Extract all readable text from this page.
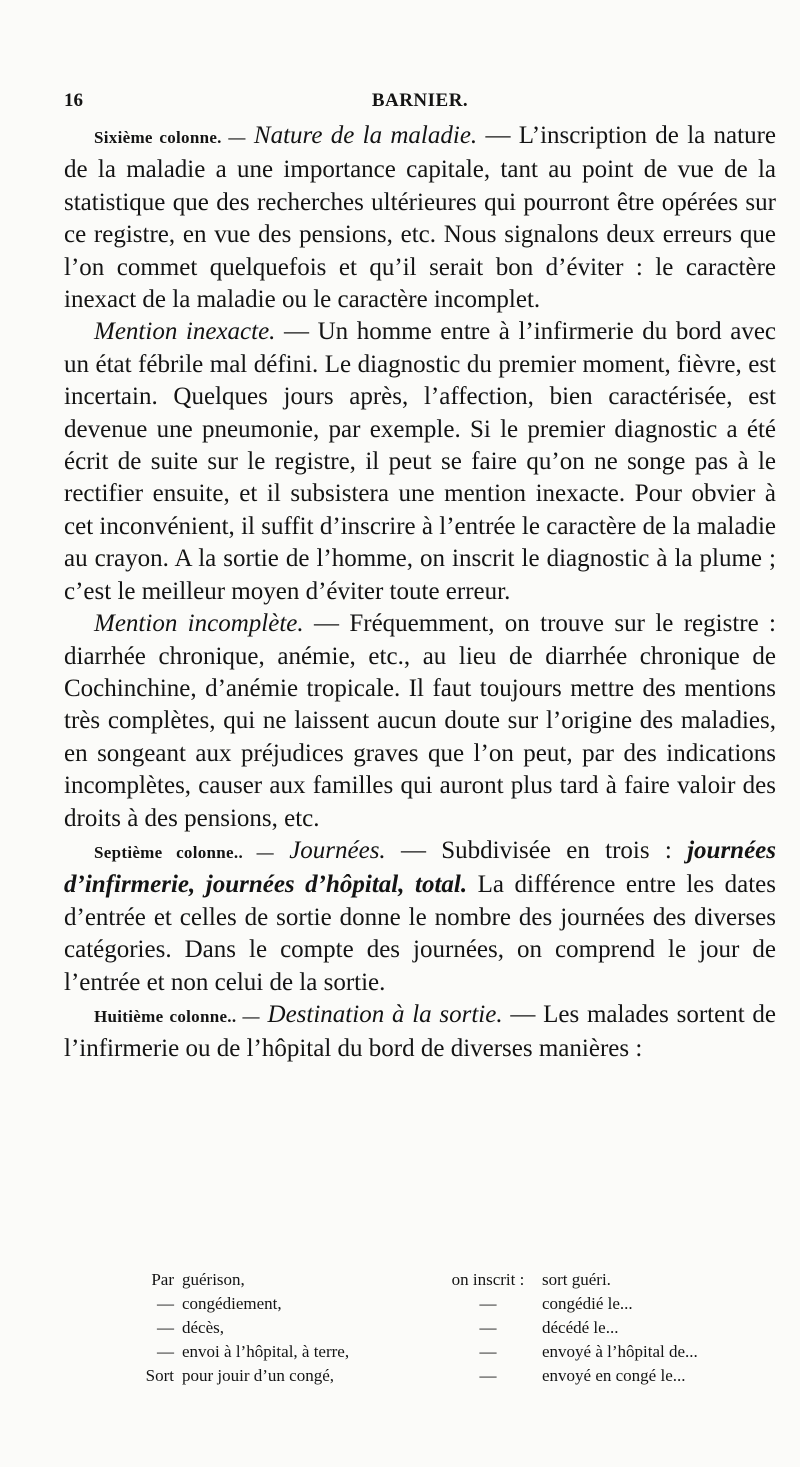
16	BARNIER.

Sixième colonne. — Nature de la maladie. — L’inscription de la nature de la maladie a une importance capitale, tant au point de vue de la statistique que des recherches ultérieures qui pourront être opérées sur ce registre, en vue des pensions, etc. Nous signalons deux erreurs que l’on commet quelquefois et qu’il serait bon d’éviter : le caractère inexact de la maladie ou le caractère incomplet.

Mention inexacte. — Un homme entre à l’infirmerie du bord avec un état fébrile mal défini. Le diagnostic du premier moment, fièvre, est incertain. Quelques jours après, l’affection, bien caractérisée, est devenue une pneumonie, par exemple. Si le premier diagnostic a été écrit de suite sur le registre, il peut se faire qu’on ne songe pas à le rectifier ensuite, et il subsistera une mention inexacte. Pour obvier à cet inconvénient, il suffit d’inscrire à l’entrée le caractère de la maladie au crayon. A la sortie de l’homme, on inscrit le diagnostic à la plume ; c’est le meilleur moyen d’éviter toute erreur.

Mention incomplète. — Fréquemment, on trouve sur le registre : diarrhée chronique, anémie, etc., au lieu de diarrhée chronique de Cochinchine, d’anémie tropicale. Il faut toujours mettre des mentions très complètes, qui ne laissent aucun doute sur l’origine des maladies, en songeant aux préjudices graves que l’on peut, par des indications incomplètes, causer aux familles qui auront plus tard à faire valoir des droits à des pensions, etc.

Septième colonne.. — Journées. — Subdivisée en trois : journées d’infirmerie, journées d’hôpital, total. La différence entre les dates d’entrée et celles de sortie donne le nombre des journées des diverses catégories. Dans le compte des journées, on comprend le jour de l’entrée et non celui de la sortie.

Huitième colonne.. — Destination à la sortie. — Les malades sortent de l’infirmerie ou de l’hôpital du bord de diverses manières :

Par	guérison,	on inscrit :	sort guéri.
—	congédiement,	—	congédié le...
—	décès,	—	décédé le...
—	envoi à l’hôpital, à terre,	—	envoyé à l’hôpital de...
Sort	pour jouir d’un congé,	—	envoyé en congé le...
